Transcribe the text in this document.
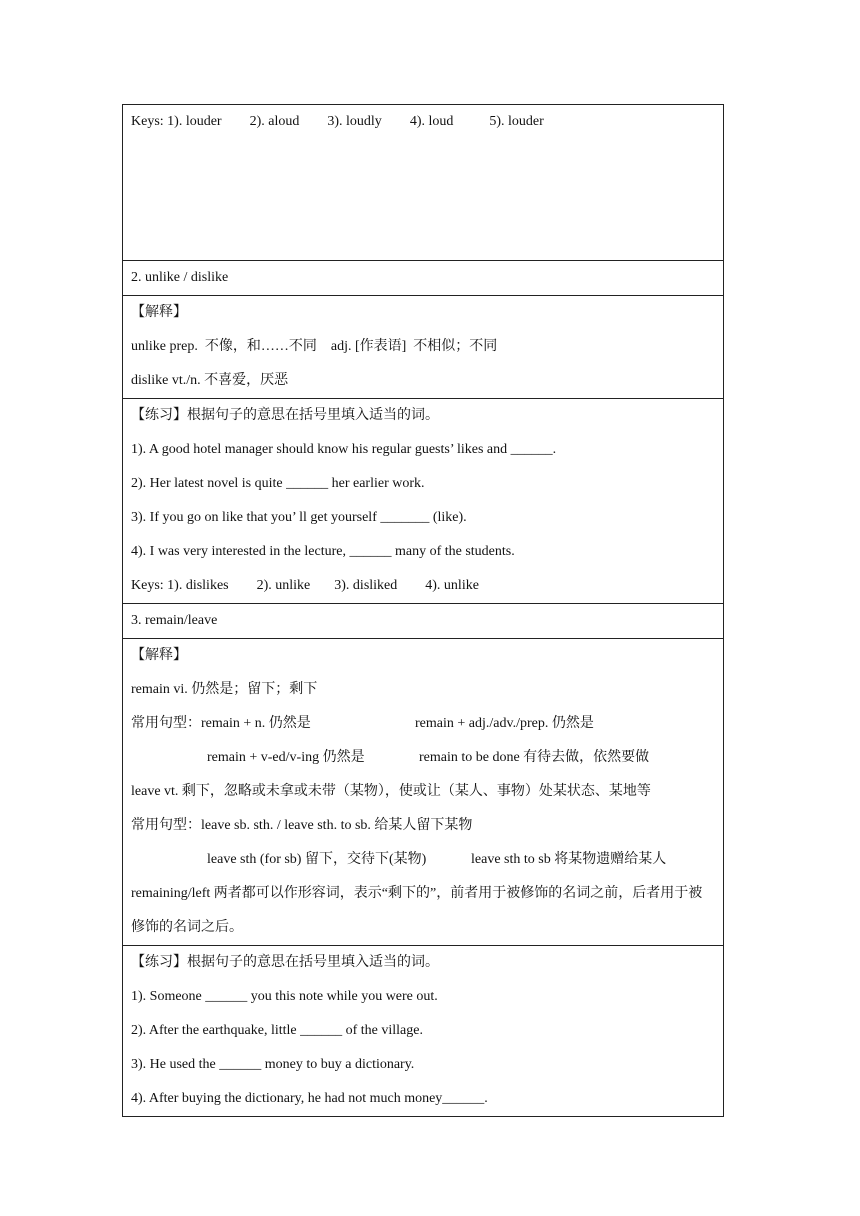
Keys: 1). louder 2). aloud 3). loudly 4). loud	5). louder

2. unlike / dislike

【解释】
unlike prep.  不像，和……不同    adj. [作表语]  不相似；不同
dislike vt./n. 不喜爱，厌恶

【练习】根据句子的意思在括号里填入适当的词。
1). A good hotel manager should know his regular guests’ likes and ______.
2). Her latest novel is quite ______ her earlier work.
3). If you go on like that you’ ll get yourself _______ (like).
4). I was very interested in the lecture, ______ many of the students.
Keys: 1). dislikes 2). unlike 3). disliked 4). unlike

3. remain/leave

【解释】
remain vi. 仍然是；留下；剩下
常用句型：remain + n. 仍然是	remain + adj./adv./prep. 仍然是
remain + v-ed/v-ing 仍然是	remain to be done 有待去做，依然要做
leave vt. 剩下，忽略或未拿或未带（某物），使或让（某人、事物）处某状态、某地等
常用句型：leave sb. sth. / leave sth. to sb. 给某人留下某物
leave sth (for sb) 留下，交待下(某物)	leave sth to sb 将某物遗赠给某人
remaining/left 两者都可以作形容词，表示“剩下的”，前者用于被修饰的名词之前，后者用于被修饰的名词之后。

【练习】根据句子的意思在括号里填入适当的词。
1). Someone ______ you this note while you were out.
2). After the earthquake, little ______ of the village.
3). He used the ______ money to buy a dictionary.
4). After buying the dictionary, he had not much money______.
